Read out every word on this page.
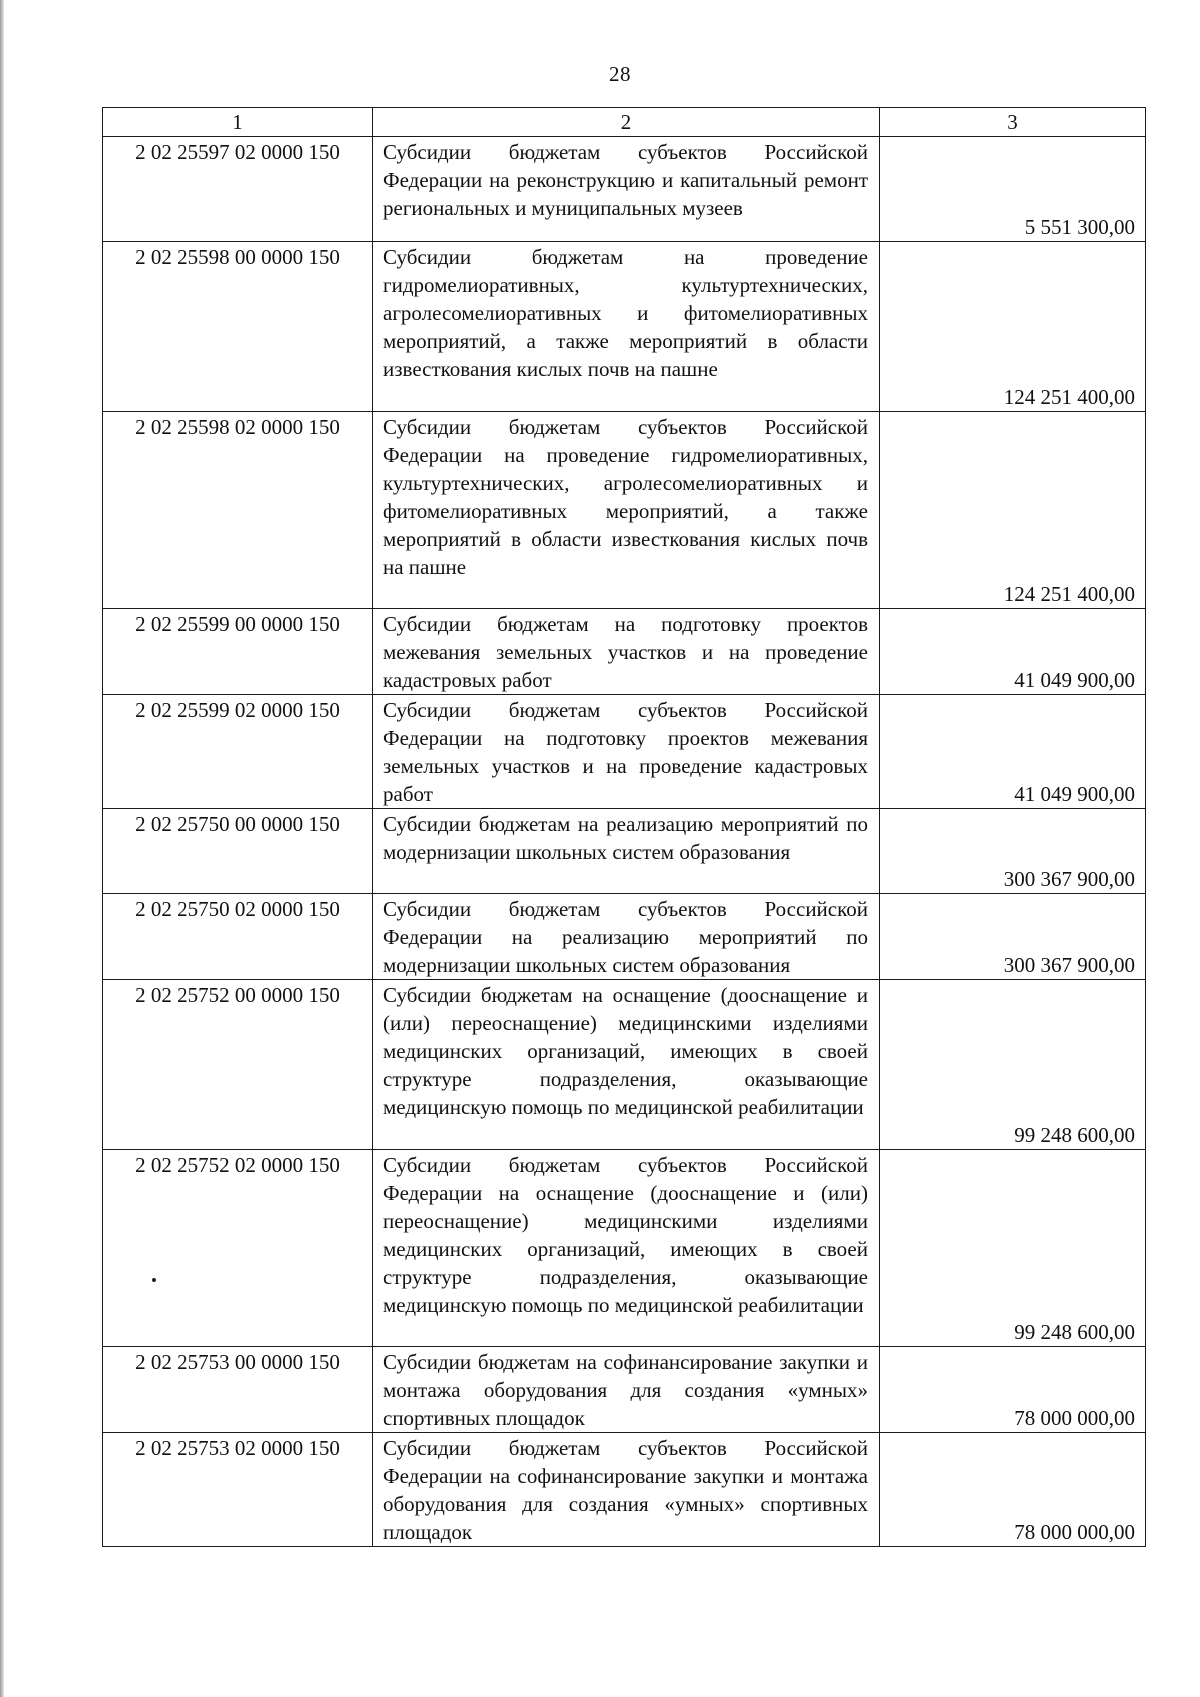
28
1	2	3
2 02 25597 02 0000 150	Субсидии бюджетам субъектов Российской Федерации на реконструкцию и капитальный ремонт региональных и муниципальных музеев	5 551 300,00
2 02 25598 00 0000 150	Субсидии бюджетам на проведение гидромелиоративных, культуртехнических, агролесомелиоративных и фитомелиоративных мероприятий, а также мероприятий в области известкования кислых почв на пашне	124 251 400,00
2 02 25598 02 0000 150	Субсидии бюджетам субъектов Российской Федерации на проведение гидромелиоративных, культуртехнических, агролесомелиоративных и фитомелиоративных мероприятий, а также мероприятий в области известкования кислых почв на пашне	124 251 400,00
2 02 25599 00 0000 150	Субсидии бюджетам на подготовку проектов межевания земельных участков и на проведение кадастровых работ	41 049 900,00
2 02 25599 02 0000 150	Субсидии бюджетам субъектов Российской Федерации на подготовку проектов межевания земельных участков и на проведение кадастровых работ	41 049 900,00
2 02 25750 00 0000 150	Субсидии бюджетам на реализацию мероприятий по модернизации школьных систем образования	300 367 900,00
2 02 25750 02 0000 150	Субсидии бюджетам субъектов Российской Федерации на реализацию мероприятий по модернизации школьных систем образования	300 367 900,00
2 02 25752 00 0000 150	Субсидии бюджетам на оснащение (дооснащение и (или) переоснащение) медицинскими изделиями медицинских организаций, имеющих в своей структуре подразделения, оказывающие медицинскую помощь по медицинской реабилитации	99 248 600,00
2 02 25752 02 0000 150	Субсидии бюджетам субъектов Российской Федерации на оснащение (дооснащение и (или) переоснащение) медицинскими изделиями медицинских организаций, имеющих в своей структуре подразделения, оказывающие медицинскую помощь по медицинской реабилитации	99 248 600,00
2 02 25753 00 0000 150	Субсидии бюджетам на софинансирование закупки и монтажа оборудования для создания «умных» спортивных площадок	78 000 000,00
2 02 25753 02 0000 150	Субсидии бюджетам субъектов Российской Федерации на софинансирование закупки и монтажа оборудования для создания «умных» спортивных площадок	78 000 000,00
